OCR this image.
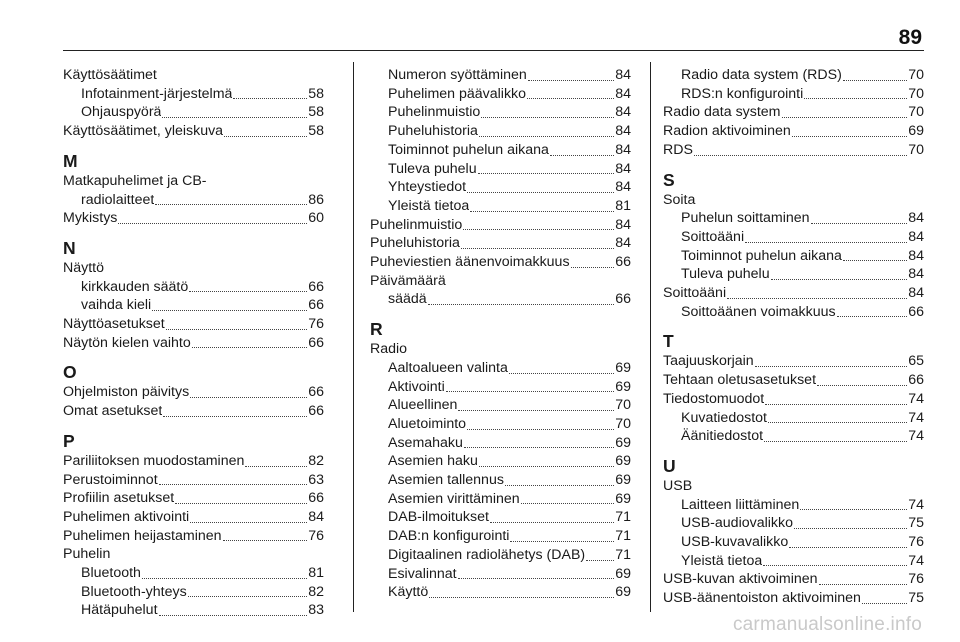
89
Käyttösäätimet
Infotainment-järjestelmä	58
Ohjauspyörä	58
Käyttösäätimet, yleiskuva	58
M
Matkapuhelimet ja CB-
radiolaitteet	86
Mykistys	60
N
Näyttö
kirkkauden säätö	66
vaihda kieli	66
Näyttöasetukset	76
Näytön kielen vaihto	66
O
Ohjelmiston päivitys	66
Omat asetukset	66
P
Pariliitoksen muodostaminen	82
Perustoiminnot	63
Profiilin asetukset	66
Puhelimen aktivointi	84
Puhelimen heijastaminen	76
Puhelin
Bluetooth	81
Bluetooth-yhteys	82
Hätäpuhelut	83
Numeron syöttäminen	84
Puhelimen päävalikko	84
Puhelinmuistio	84
Puheluhistoria	84
Toiminnot puhelun aikana	84
Tuleva puhelu	84
Yhteystiedot	84
Yleistä tietoa	81
Puhelinmuistio	84
Puheluhistoria	84
Puheviestien äänenvoimakkuus	66
Päivämäärä
säädä	66
R
Radio
Aaltoalueen valinta	69
Aktivointi	69
Alueellinen	70
Aluetoiminto	70
Asemahaku	69
Asemien haku	69
Asemien tallennus	69
Asemien virittäminen	69
DAB-ilmoitukset	71
DAB:n konfigurointi	71
Digitaalinen radiolähetys (DAB) 71
Esivalinnat	69
Käyttö	69
Radio data system (RDS)	70
RDS:n konfigurointi	70
Radio data system	70
Radion aktivoiminen	69
RDS	70
S
Soita
Puhelun soittaminen	84
Soittoääni	84
Toiminnot puhelun aikana	84
Tuleva puhelu	84
Soittoääni	84
Soittoäänen voimakkuus	66
T
Taajuuskorjain	65
Tehtaan oletusasetukset	66
Tiedostomuodot	74
Kuvatiedostot	74
Äänitiedostot	74
U
USB
Laitteen liittäminen	74
USB-audiovalikko	75
USB-kuvavalikko	76
Yleistä tietoa	74
USB-kuvan aktivoiminen	76
USB-äänentoiston aktivoiminen	75
carmanualsonline.info
